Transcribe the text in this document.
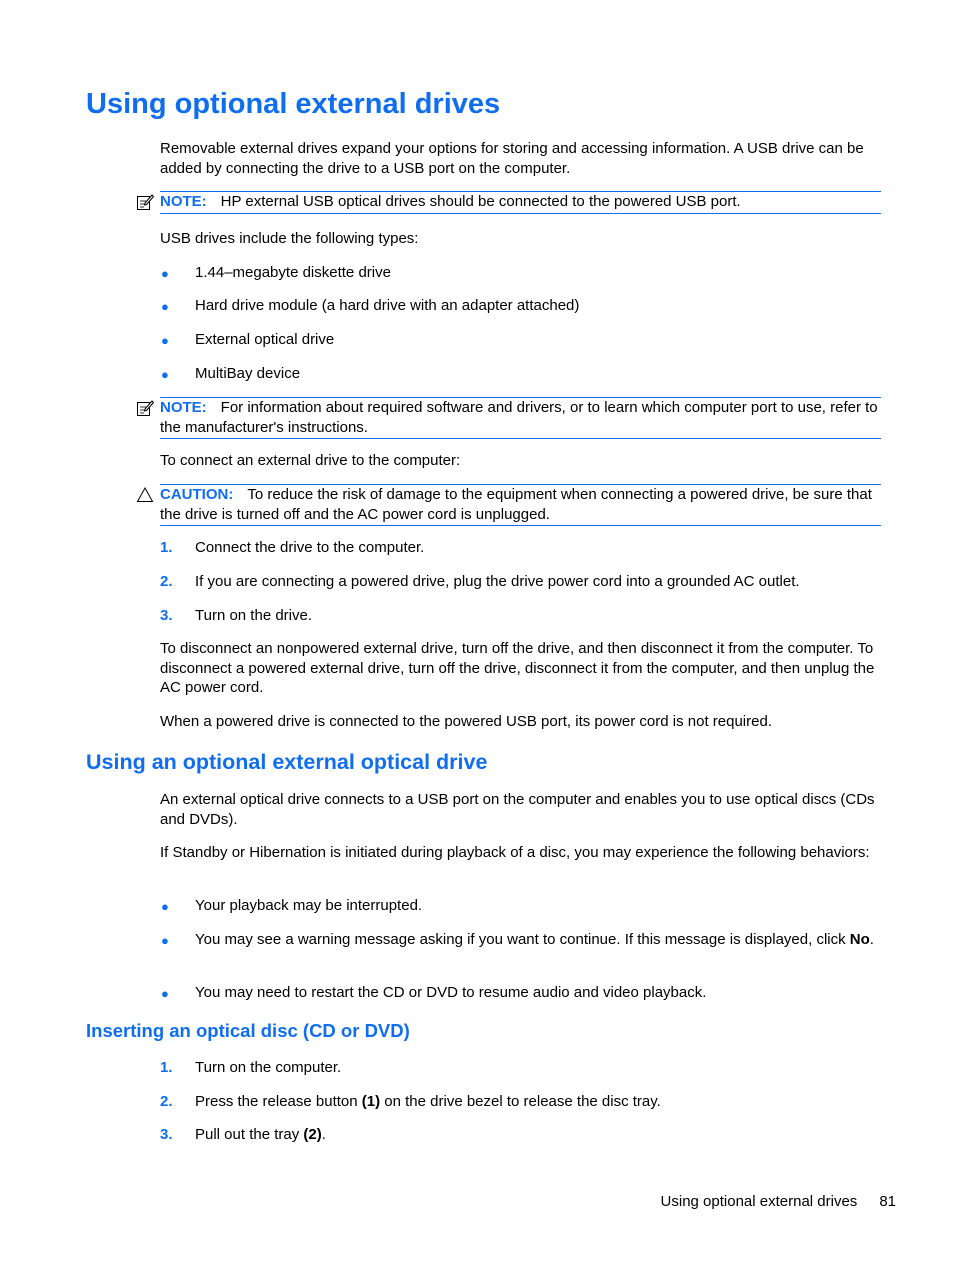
Using optional external drives
Removable external drives expand your options for storing and accessing information. A USB drive can be added by connecting the drive to a USB port on the computer.
NOTE: HP external USB optical drives should be connected to the powered USB port.
USB drives include the following types:
● 1.44–megabyte diskette drive
● Hard drive module (a hard drive with an adapter attached)
● External optical drive
● MultiBay device
NOTE: For information about required software and drivers, or to learn which computer port to use, refer to the manufacturer's instructions.
To connect an external drive to the computer:
CAUTION: To reduce the risk of damage to the equipment when connecting a powered drive, be sure that the drive is turned off and the AC power cord is unplugged.
1. Connect the drive to the computer.
2. If you are connecting a powered drive, plug the drive power cord into a grounded AC outlet.
3. Turn on the drive.
To disconnect an nonpowered external drive, turn off the drive, and then disconnect it from the computer. To disconnect a powered external drive, turn off the drive, disconnect it from the computer, and then unplug the AC power cord.
When a powered drive is connected to the powered USB port, its power cord is not required.
Using an optional external optical drive
An external optical drive connects to a USB port on the computer and enables you to use optical discs (CDs and DVDs).
If Standby or Hibernation is initiated during playback of a disc, you may experience the following behaviors:
● Your playback may be interrupted.
● You may see a warning message asking if you want to continue. If this message is displayed, click No.
● You may need to restart the CD or DVD to resume audio and video playback.
Inserting an optical disc (CD or DVD)
1. Turn on the computer.
2. Press the release button (1) on the drive bezel to release the disc tray.
3. Pull out the tray (2).
Using optional external drives 81
